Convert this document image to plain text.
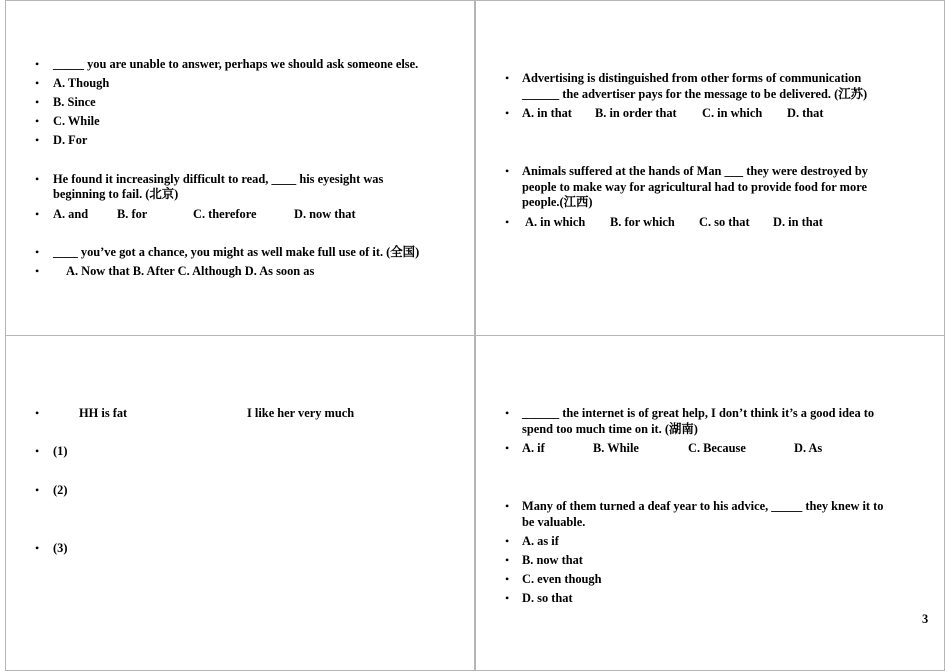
• _____ you are unable to answer, perhaps we should ask someone else.
• A. Though
• B. Since
• C. While
• D. For
• He found it increasingly difficult to read, ____ his eyesight was
beginning to fail. (北京)
• A. and B. for	C. therefore	D. now that
• ____ you’ve got a chance, you might as well make full use of it. (全国)
• A. Now that B. After C. Although D. As soon as
• Advertising is distinguished from other forms of communication
______ the advertiser pays for the message to be delivered. (江苏)
• A. in that B. in order that C. in which D. that
• Animals suffered at the hands of Man ___ they were destroyed by
people to make way for agricultural had to provide food for more
people.(江西)
• A. in which B. for which C. so that D. in that
•	HH is fat	I like her very much
• (1)
• (2)
• (3)
• ______ the internet is of great help, I don’t think it’s a good idea to
spend too much time on it. (湖南)
• A. if	B. While	C. Because	D. As
• Many of them turned a deaf year to his advice, _____ they knew it to
be valuable.
• A. as if
• B. now that
• C. even though
• D. so that
3
